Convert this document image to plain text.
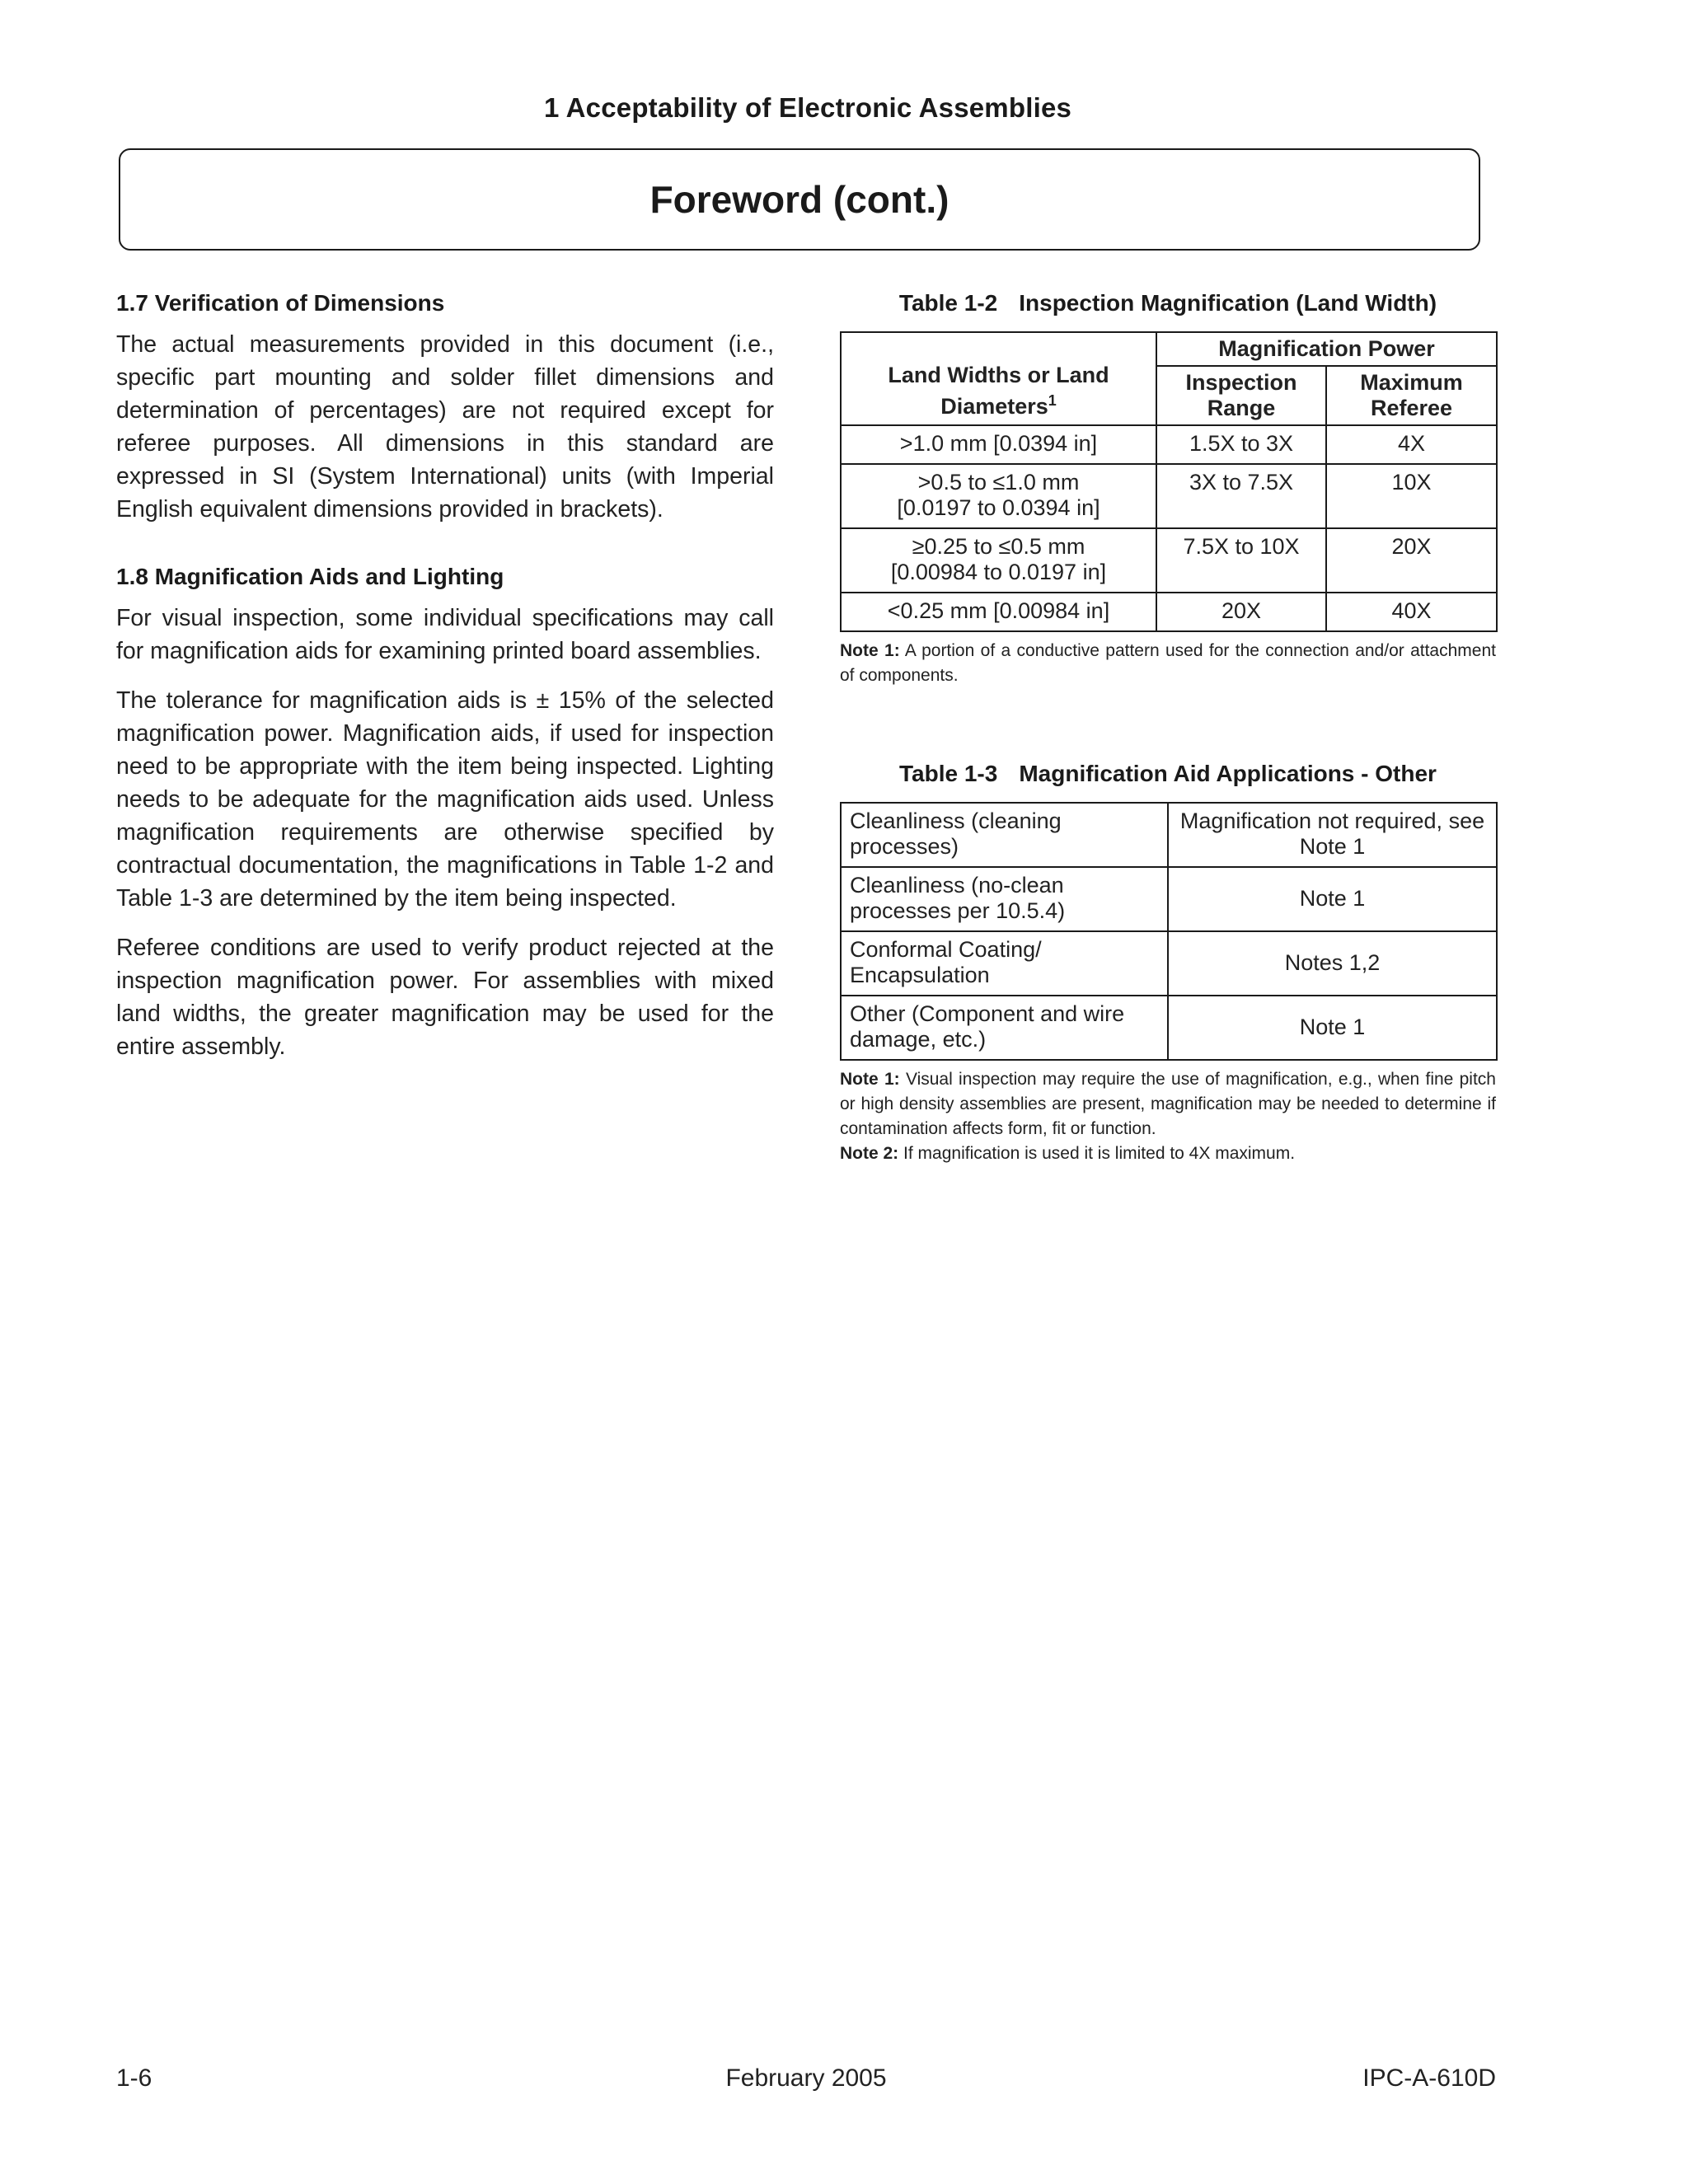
1 Acceptability of Electronic Assemblies
Foreword (cont.)
1.7 Verification of Dimensions

The actual measurements provided in this document (i.e., specific part mounting and solder fillet dimensions and determination of percentages) are not required except for referee purposes. All dimensions in this standard are expressed in SI (System International) units (with Imperial English equivalent dimensions provided in brackets).

1.8 Magnification Aids and Lighting

For visual inspection, some individual specifications may call for magnification aids for examining printed board assemblies.

The tolerance for magnification aids is ± 15% of the selected magnification power. Magnification aids, if used for inspection need to be appropriate with the item being inspected. Lighting needs to be adequate for the magnification aids used. Unless magnification requirements are otherwise specified by contractual documentation, the magnifications in Table 1-2 and Table 1-3 are determined by the item being inspected.

Referee conditions are used to verify product rejected at the inspection magnification power. For assemblies with mixed land widths, the greater magnification may be used for the entire assembly.

Table 1-2 Inspection Magnification (Land Width)
Land Widths or Land Diameters$^1$	Magnification Power	
	Inspection Range	Maximum Referee

>1.0 mm [0.0394 in]	1.5X to 3X	4X

>0.5 to ≤1.0 mm
[0.0197 to 0.0394 in]	3X to 7.5X	10X

≥0.25 to ≤0.5 mm
[0.00984 to 0.0197 in]	7.5X to 10X	20X

<0.25 mm [0.00984 in]	20X	40X
Note 1: A portion of a conductive pattern used for the connection and/or attachment of components.
Table 1-3 Magnification Aid Applications - Other
Cleanliness (cleaning processes)	Magnification not required, see Note 1
Cleanliness (no-clean processes per 10.5.4)	Note 1
Conformal Coating/ Encapsulation	Notes 1,2
Other (Component and wire damage, etc.)	Note 1
Note 1: Visual inspection may require the use of magnification, e.g., when fine pitch or high density assemblies are present, magnification may be needed to determine if contamination affects form, fit or function.
Note 2: If magnification is used it is limited to 4X maximum.
1-6	February 2005	IPC-A-610D
